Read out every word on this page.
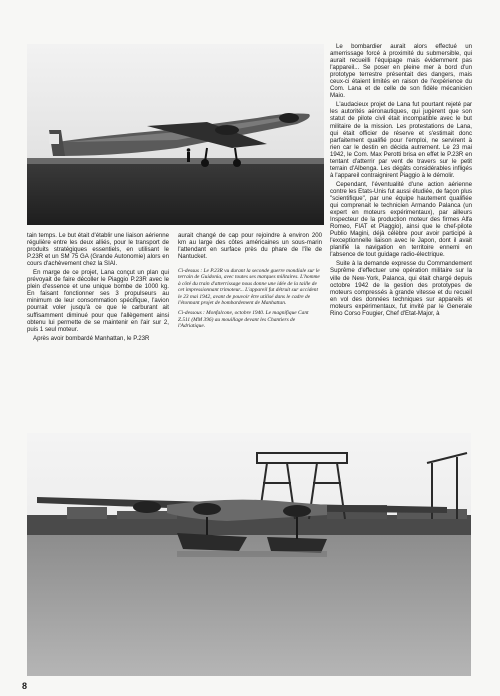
Le bombardier aurait alors effectué un amerrissage forcé à proximité du submersible, qui aurait recueilli l'équipage mais évidemment pas l'appareil... Se poser en pleine mer à bord d'un prototype terrestre présentait des dangers, mais ceux-ci étaient limités en raison de l'expérience du Com. Lana et de celle de son fidèle mécanicien Maio.

L'audacieux projet de Lana fut pourtant rejeté par les autorités aéronautiques, qui jugèrent que son statut de pilote civil était incompatible avec le but militaire de la mission. Les protestations de Lana, qui était officier de réserve et s'estimait donc parfaitement qualifié pour l'emploi, ne servirent à rien car le destin en décida autrement. Le 23 mai 1942, le Com. Max Perotti brisa en effet le P.23R en tentant d'atterrir par vent de travers sur le petit terrain d'Albenga. Les dégâts considérables infligés à l'appareil contraignirent Piaggio à le démolir.

Cependant, l'éventualité d'une action aérienne contre les Etats-Unis fut aussi étudiée, de façon plus "scientifique", par une équipe hautement qualifiée qui comprenait le technicien Armando Palanca (un expert en moteurs expérimentaux), par ailleurs Inspecteur de la production moteur des firmes Alfa Romeo, FIAT et Piaggio), ainsi que le chef-pilote Publio Magini, déjà célèbre pour avoir participé à l'exceptionnelle liaison avec le Japon, dont il avait planifié la navigation en territoire ennemi en l'absence de tout guidage radio-électrique.

Suite à la demande expresse du Commandement Suprême d'effectuer une opération militaire sur la ville de New-York, Palanca, qui était chargé depuis octobre 1942 de la gestion des prototypes de moteurs compressés à grande vitesse et du recueil en vol des données techniques sur appareils et moteurs expérimentaux, fut invité par le Generale Rino Corso Fougier, Chef d'Etat-Major, à

tain temps. Le but était d'établir une liaison aérienne régulière entre les deux alliés, pour le transport de produits stratégiques essentiels, en utilisant le P.23R et un SM 75 GA (Grande Autonomie) alors en cours d'achèvement chez la SIAI.

En marge de ce projet, Lana conçut un plan qui prévoyait de faire décoller le Piaggio P.23R avec le plein d'essence et une unique bombe de 1000 kg. En faisant fonctionner ses 3 propulseurs au minimum de leur consommation spécifique, l'avion pourrait voler jusqu'à ce que le carburant ait suffisamment diminué pour que l'allègement ainsi obtenu lui permette de se maintenir en l'air sur 2, puis 1 seul moteur.

Après avoir bombardé Manhattan, le P.23R

aurait changé de cap pour rejoindre à environ 200 km au large des côtes américaines un sous-marin l'attendant en surface près du phare de l'île de Nantucket.

Ci-dessus : Le P.23R vu durant la seconde guerre mondiale sur le terrain de Guidonia, avec toutes ses marques militaires. L'homme à côté du train d'atterrissage nous donne une idée de la taille de cet impressionnant trimoteur... L'appareil fut détruit sur accident le 23 mai 1942, avant de pouvoir être utilisé dans le cadre de l'étonnant projet de bombardement de Manhattan.

Ci-dessous : Monfalcone, octobre 1940. Le magnifique Cant Z.511 (MM 396) au mouillage devant les Chantiers de l'Adriatique.

8
